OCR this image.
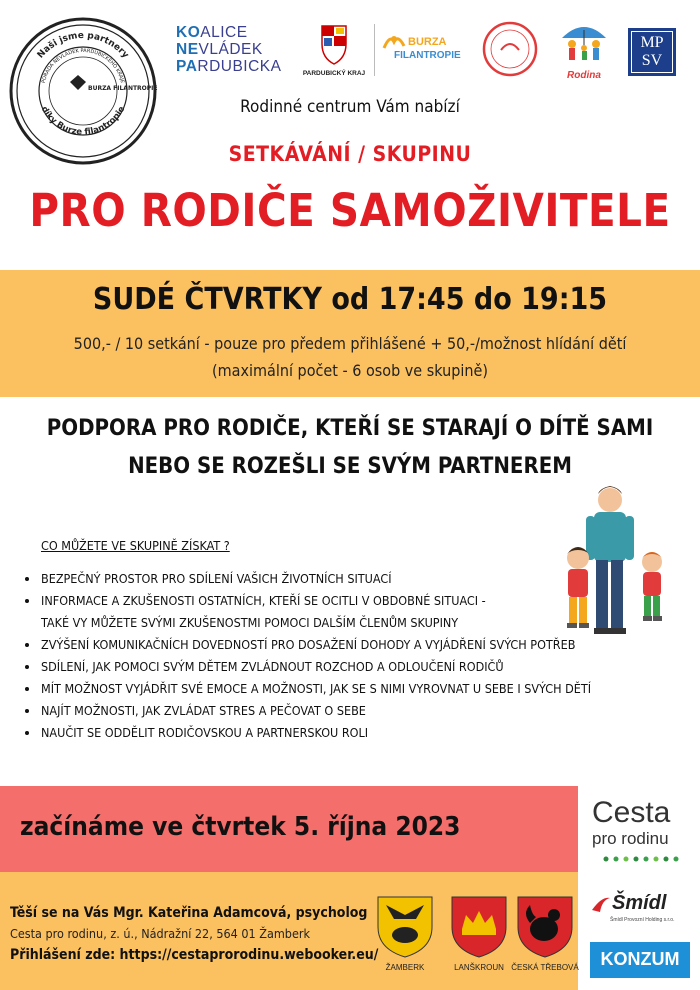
Naši jsme partnery
PORADA NEVLÁDEK PARDUBICKÉHO KRAJE
díky Burze filantropie
BURZA FILANTROPIE
KOALICE
NEVLÁDEK
PARDUBICKA	PARDUBICKÝ KRAJ
BURZA
FILANTROPIE
Rodina
MP
SV
Rodinné centrum Vám nabízí
SETKÁVÁNÍ / SKUPINU
PRO RODIČE SAMOŽIVITELE
SUDÉ ČTVRTKY od 17:45 do 19:15
500,- / 10 setkání - pouze pro předem přihlášené + 50,-/možnost hlídání dětí
(maximální počet - 6 osob ve skupině)
PODPORA PRO RODIČE, KTEŘÍ SE STARAJÍ O DÍTĚ SAMI
NEBO SE ROZEŠLI SE SVÝM PARTNEREM
CO MŮŽETE VE SKUPINĚ ZÍSKAT ?
• BEZPEČNÝ PROSTOR PRO SDÍLENÍ VAŠICH ŽIVOTNÍCH SITUACÍ
• INFORMACE A ZKUŠENOSTI OSTATNÍCH, KTEŘÍ SE OCITLI V OBDOBNÉ SITUACI -
TAKÉ VY MŮŽETE SVÝMI ZKUŠENOSTMI POMOCI DALŠÍM ČLENŮM SKUPINY
• ZVÝŠENÍ KOMUNIKAČNÍCH DOVEDNOSTÍ PRO DOSAŽENÍ DOHODY A VYJÁDŘENÍ SVÝCH POTŘEB
• SDÍLENÍ, JAK POMOCI SVÝM DĚTEM ZVLÁDNOUT ROZCHOD A ODLOUČENÍ RODIČŮ
• MÍT MOŽNOST VYJÁDŘIT SVÉ EMOCE A MOŽNOSTI, JAK SE S NIMI VYROVNAT U SEBE I SVÝCH DĚTÍ
• NAJÍT MOŽNOSTI, JAK ZVLÁDAT STRES A PEČOVAT O SEBE
• NAUČIT SE ODDĚLIT RODIČOVSKOU A PARTNERSKOU ROLI
začínáme ve čtvrtek 5. října 2023	Cesta
pro rodinu
Těší se na Vás Mgr. Kateřina Adamcová, psycholog
Cesta pro rodinu, z. ú., Nádražní 22, 564 01 Žamberk
Přihlášení zde: https://cestaprorodinu.webooker.eu/
ŽAMBERK	LANŠKROUN ČESKÁ TŘEBOVÁ
Šmídl
Šmídl Provozní Holding s.r.o.
KONZUM
